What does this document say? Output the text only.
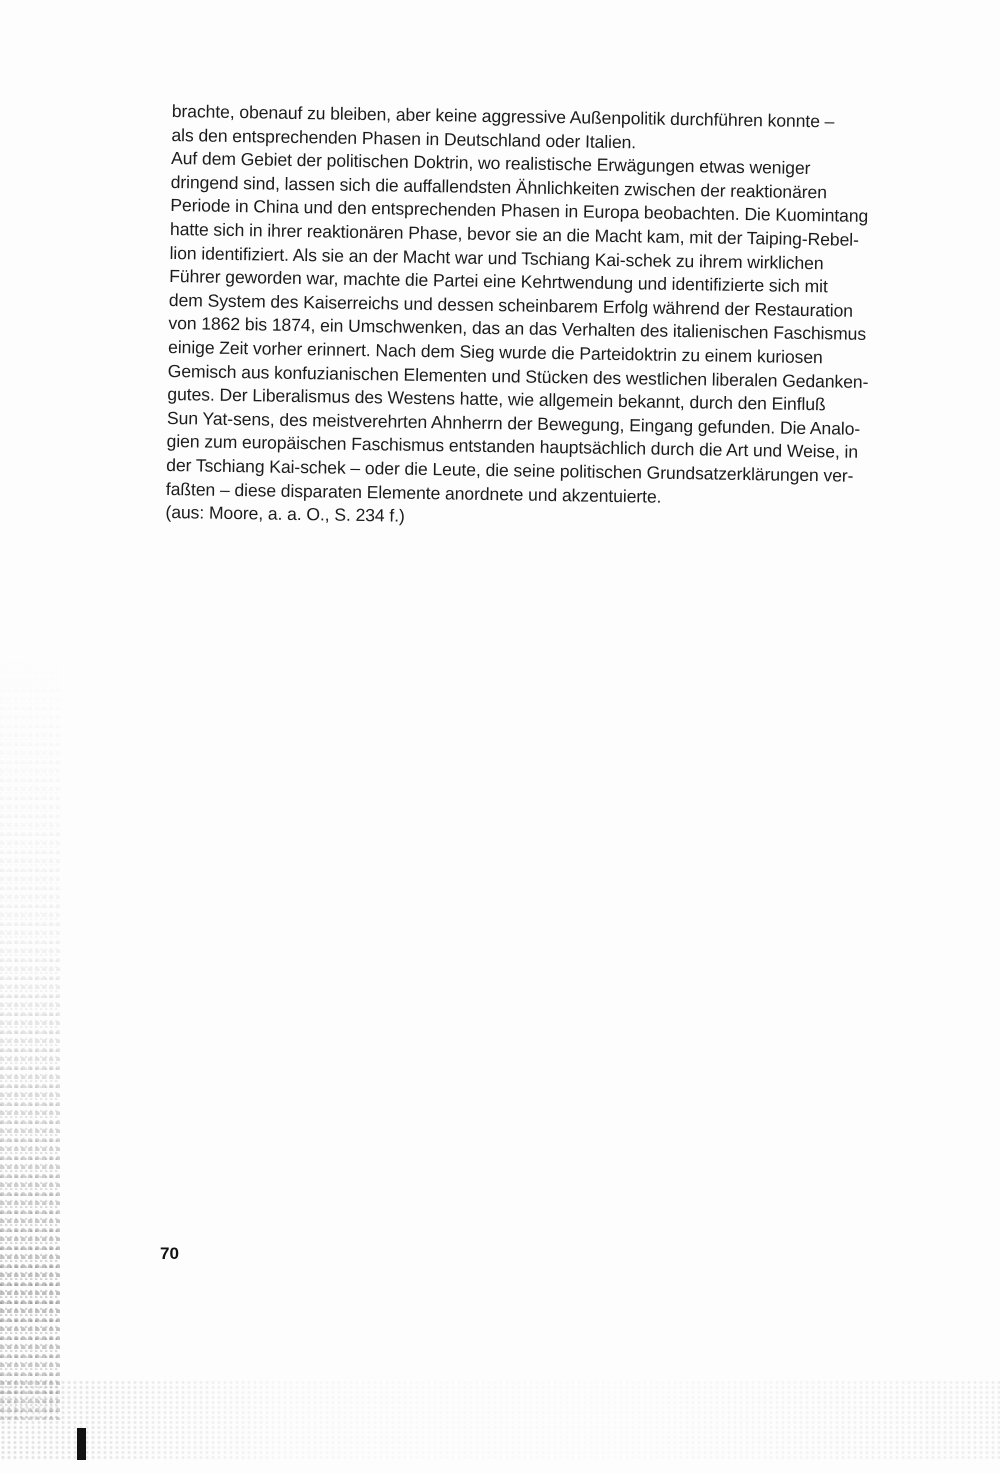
brachte, obenauf zu bleiben, aber keine aggressive Außenpolitik durchführen konnte –
als den entsprechenden Phasen in Deutschland oder Italien.
Auf dem Gebiet der politischen Doktrin, wo realistische Erwägungen etwas weniger
dringend sind, lassen sich die auffallendsten Ähnlichkeiten zwischen der reaktionären
Periode in China und den entsprechenden Phasen in Europa beobachten. Die Kuomintang
hatte sich in ihrer reaktionären Phase, bevor sie an die Macht kam, mit der Taiping-Rebel-
lion identifiziert. Als sie an der Macht war und Tschiang Kai-schek zu ihrem wirklichen
Führer geworden war, machte die Partei eine Kehrtwendung und identifizierte sich mit
dem System des Kaiserreichs und dessen scheinbarem Erfolg während der Restauration
von 1862 bis 1874, ein Umschwenken, das an das Verhalten des italienischen Faschismus
einige Zeit vorher erinnert. Nach dem Sieg wurde die Parteidoktrin zu einem kuriosen
Gemisch aus konfuzianischen Elementen und Stücken des westlichen liberalen Gedanken-
gutes. Der Liberalismus des Westens hatte, wie allgemein bekannt, durch den Einfluß
Sun Yat-sens, des meistverehrten Ahnherrn der Bewegung, Eingang gefunden. Die Analo-
gien zum europäischen Faschismus entstanden hauptsächlich durch die Art und Weise, in
der Tschiang Kai-schek – oder die Leute, die seine politischen Grundsatzerklärungen ver-
faßten – diese disparaten Elemente anordnete und akzentuierte.
(aus: Moore, a. a. O., S. 234 f.)
70
